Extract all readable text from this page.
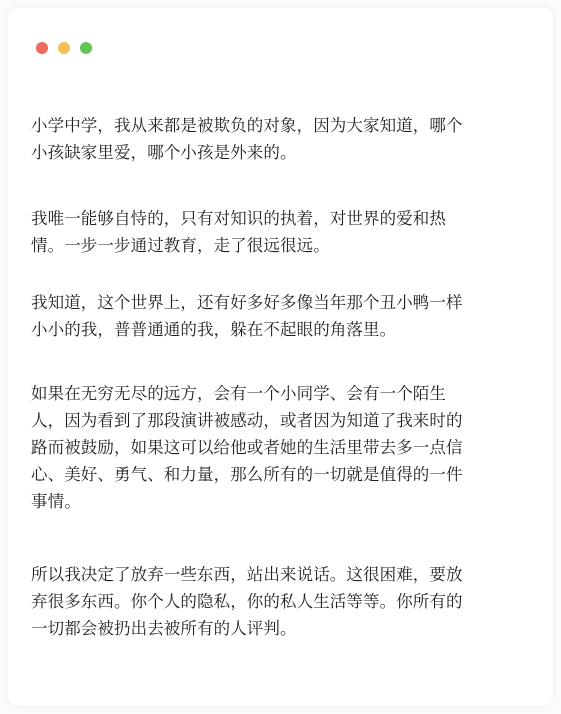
小学中学，我从来都是被欺负的对象，因为大家知道，哪个
小孩缺家里爱，哪个小孩是外来的。

我唯一能够自恃的，只有对知识的执着，对世界的爱和热
情。一步一步通过教育，走了很远很远。

我知道，这个世界上，还有好多好多像当年那个丑小鸭一样
小小的我，普普通通的我，躲在不起眼的角落里。

如果在无穷无尽的远方，会有一个小同学、会有一个陌生
人，因为看到了那段演讲被感动，或者因为知道了我来时的
路而被鼓励，如果这可以给他或者她的生活里带去多一点信
心、美好、勇气、和力量，那么所有的一切就是值得的一件
事情。

所以我决定了放弃一些东西，站出来说话。这很困难，要放
弃很多东西。你个人的隐私，你的私人生活等等。你所有的
一切都会被扔出去被所有的人评判。
